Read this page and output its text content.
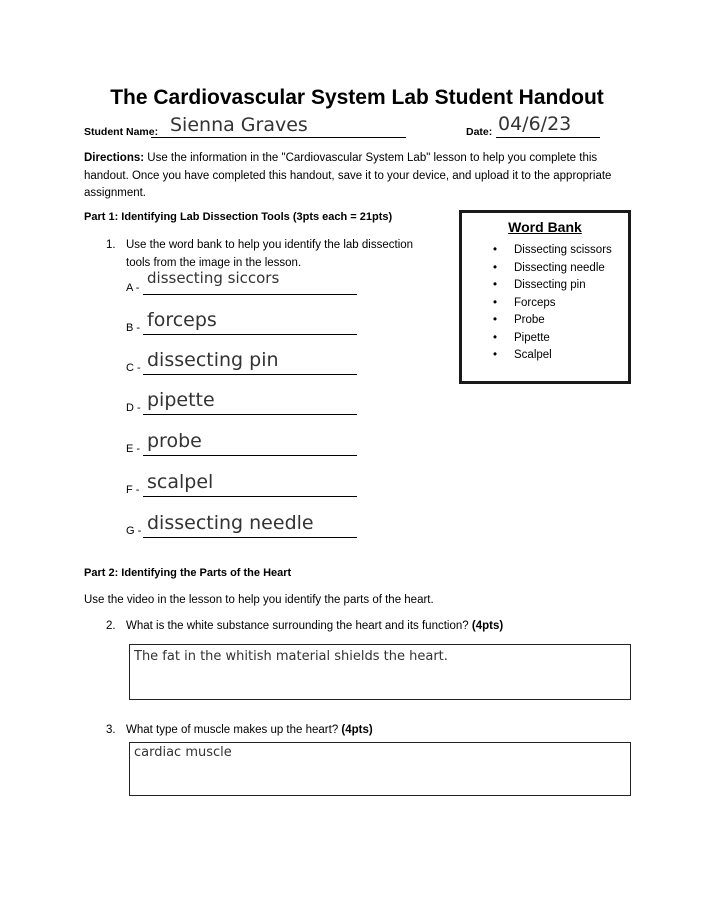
The Cardiovascular System Lab Student Handout
Student Name: Sienna Graves	Date: 04/6/23
Directions: Use the information in the "Cardiovascular System Lab" lesson to help you complete this handout. Once you have completed this handout, save it to your device, and upload it to the appropriate assignment.
Part 1: Identifying Lab Dissection Tools (3pts each = 21pts)
1. Use the word bank to help you identify the lab dissection tools from the image in the lesson.
A -
dissecting siccors
B - forceps
C - dissecting pin
D - pipette
E - probe
F - scalpel
G - dissecting needle
Word Bank
• Dissecting scissors
• Dissecting needle
• Dissecting pin
• Forceps
• Probe
• Pipette
• Scalpel
Part 2: Identifying the Parts of the Heart
Use the video in the lesson to help you identify the parts of the heart.
2. What is the white substance surrounding the heart and its function? (4pts)
The fat in the whitish material shields the heart.
3. What type of muscle makes up the heart? (4pts)
cardiac muscle
